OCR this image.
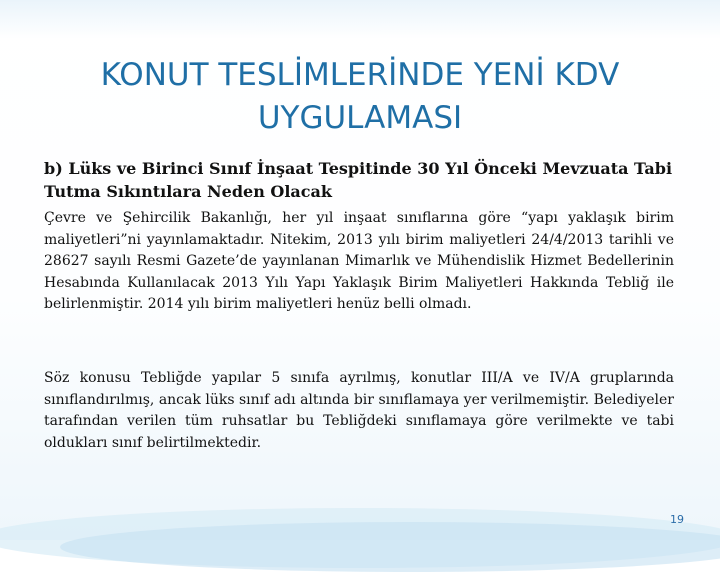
KONUT TESLİMLERİNDE YENİ KDV UYGULAMASI

b) Lüks ve Birinci Sınıf İnşaat Tespitinde 30 Yıl Önceki Mevzuata Tabi Tutma Sıkıntılara Neden Olacak

Çevre ve Şehircilik Bakanlığı, her yıl inşaat sınıflarına göre “yapı yaklaşık birim maliyetleri”ni yayınlamaktadır. Nitekim, 2013 yılı birim maliyetleri 24/4/2013 tarihli ve 28627 sayılı Resmi Gazete’de yayınlanan Mimarlık ve Mühendislik Hizmet Bedellerinin Hesabında Kullanılacak 2013 Yılı Yapı Yaklaşık Birim Maliyetleri Hakkında Tebliğ ile belirlenmiştir. 2014 yılı birim maliyetleri henüz belli olmadı.

Söz konusu Tebliğde yapılar 5 sınıfa ayrılmış, konutlar III/A ve IV/A gruplarında sınıflandırılmış, ancak lüks sınıf adı altında bir sınıflamaya yer verilmemiştir. Belediyeler tarafından verilen tüm ruhsatlar bu Tebliğdeki sınıflamaya göre verilmekte ve tabi oldukları sınıf belirtilmektedir.

19
